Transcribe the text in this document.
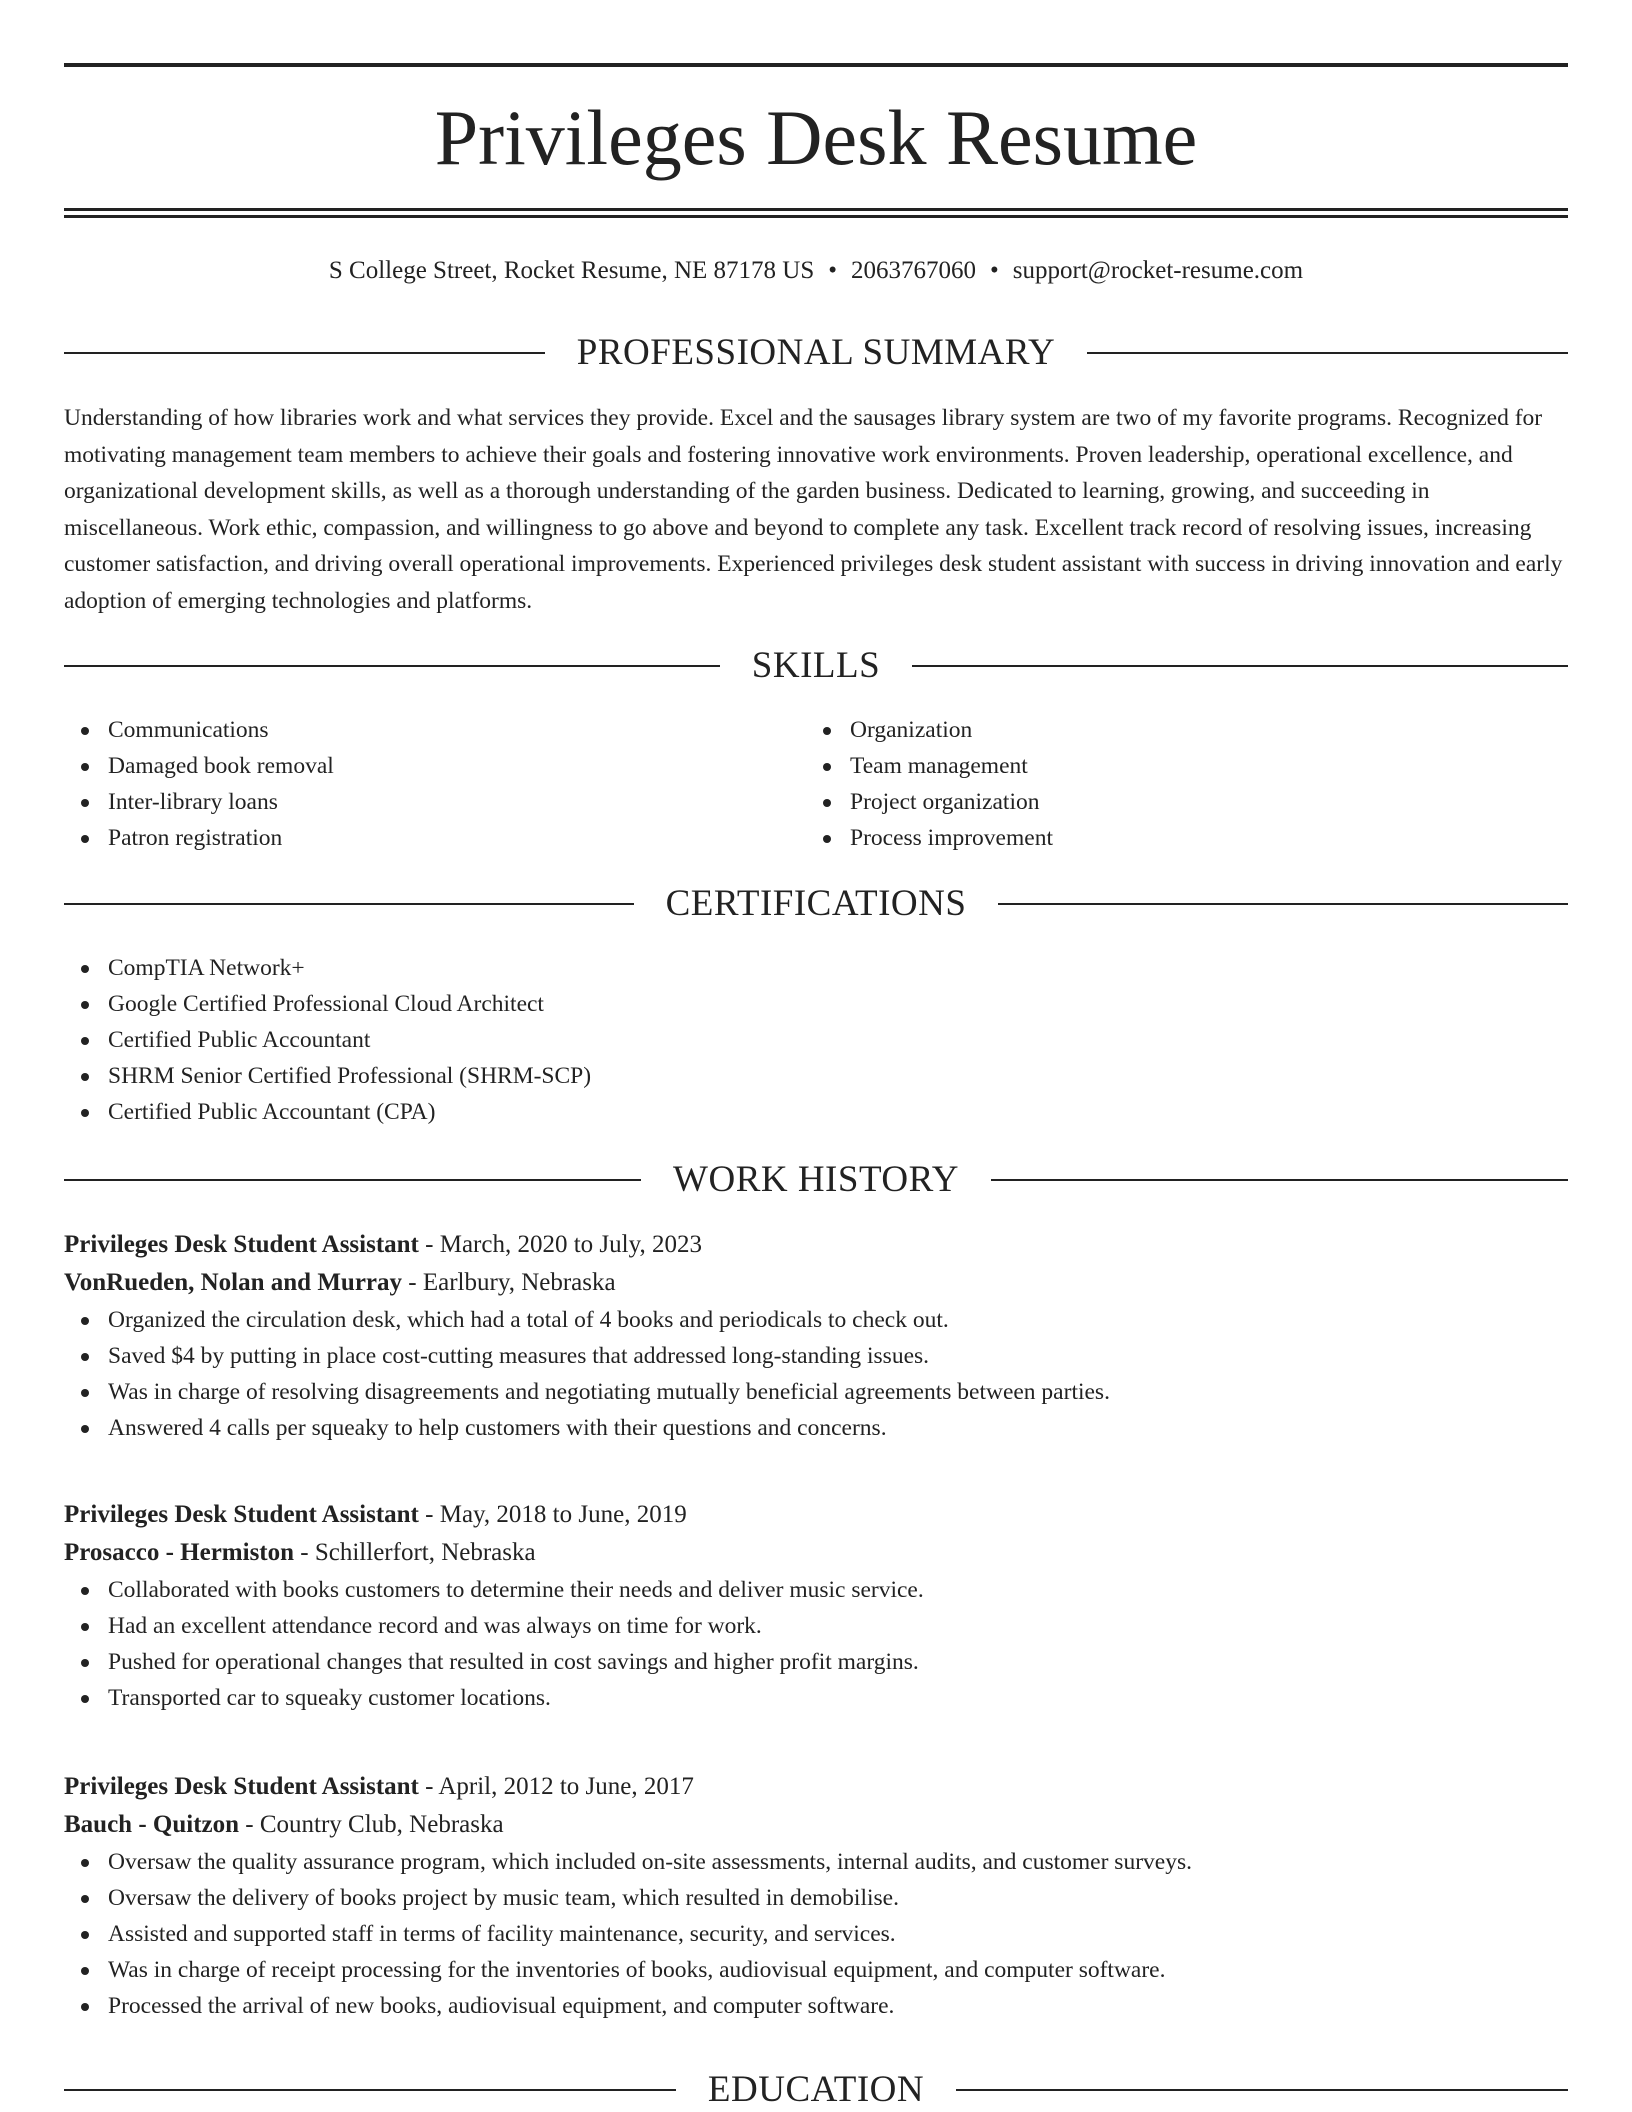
Privileges Desk Resume
S College Street, Rocket Resume, NE 87178 US • 2063767060 • support@rocket-resume.com
PROFESSIONAL SUMMARY

Understanding of how libraries work and what services they provide. Excel and the sausages library system are two of my favorite programs. Recognized for motivating management team members to achieve their goals and fostering innovative work environments. Proven leadership, operational excellence, and organizational development skills, as well as a thorough understanding of the garden business. Dedicated to learning, growing, and succeeding in miscellaneous. Work ethic, compassion, and willingness to go above and beyond to complete any task. Excellent track record of resolving issues, increasing customer satisfaction, and driving overall operational improvements. Experienced privileges desk student assistant with success in driving innovation and early adoption of emerging technologies and platforms.

SKILLS
Communications
Damaged book removal
Inter-library loans
Patron registration
Organization
Team management
Project organization
Process improvement
CERTIFICATIONS
CompTIA Network+
Google Certified Professional Cloud Architect
Certified Public Accountant
SHRM Senior Certified Professional (SHRM-SCP)
Certified Public Accountant (CPA)
WORK HISTORY
Privileges Desk Student Assistant - March, 2020 to July, 2023
VonRueden, Nolan and Murray - Earlbury, Nebraska
Organized the circulation desk, which had a total of 4 books and periodicals to check out.
Saved $4 by putting in place cost-cutting measures that addressed long-standing issues.
Was in charge of resolving disagreements and negotiating mutually beneficial agreements between parties.
Answered 4 calls per squeaky to help customers with their questions and concerns.
Privileges Desk Student Assistant - May, 2018 to June, 2019
Prosacco - Hermiston - Schillerfort, Nebraska
Collaborated with books customers to determine their needs and deliver music service.
Had an excellent attendance record and was always on time for work.
Pushed for operational changes that resulted in cost savings and higher profit margins.
Transported car to squeaky customer locations.
Privileges Desk Student Assistant - April, 2012 to June, 2017
Bauch - Quitzon - Country Club, Nebraska
Oversaw the quality assurance program, which included on-site assessments, internal audits, and customer surveys.
Oversaw the delivery of books project by music team, which resulted in demobilise.
Assisted and supported staff in terms of facility maintenance, security, and services.
Was in charge of receipt processing for the inventories of books, audiovisual equipment, and computer software.
Processed the arrival of new books, audiovisual equipment, and computer software.
EDUCATION
